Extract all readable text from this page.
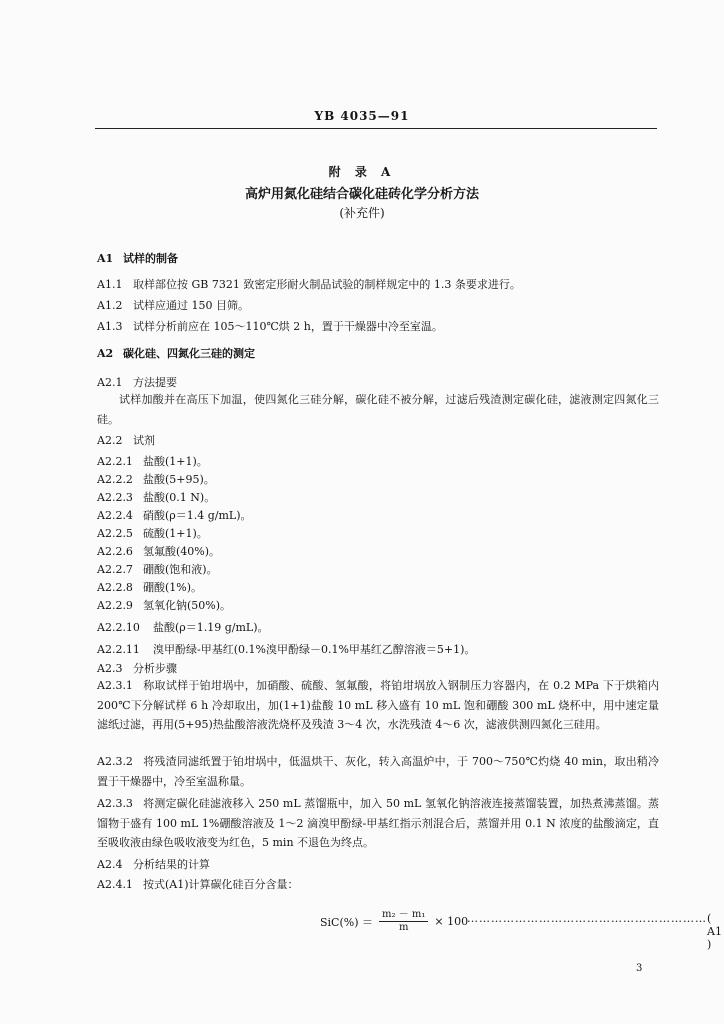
YB 4035—91
附 录 A
高炉用氮化硅结合碳化硅砖化学分析方法
(补充件)
A1 试样的制备
A1.1 取样部位按 GB 7321 致密定形耐火制品试验的制样规定中的 1.3 条要求进行。
A1.2 试样应通过 150 目筛。
A1.3 试样分析前应在 105～110℃烘 2 h，置于干燥器中冷至室温。
A2 碳化硅、四氮化三硅的测定
A2.1 方法提要
试样加酸并在高压下加温，使四氮化三硅分解，碳化硅不被分解，过滤后残渣测定碳化硅，滤液测定四氮化三硅。
A2.2 试剂
A2.2.1 盐酸(1+1)。
A2.2.2 盐酸(5+95)。
A2.2.3 盐酸(0.1 N)。
A2.2.4 硝酸(ρ＝1.4 g/mL)。
A2.2.5 硫酸(1+1)。
A2.2.6 氢氟酸(40%)。
A2.2.7 硼酸(饱和液)。
A2.2.8 硼酸(1%)。
A2.2.9 氢氧化钠(50%)。
A2.2.10 盐酸(ρ＝1.19 g/mL)。
A2.2.11 溴甲酚绿-甲基红(0.1%溴甲酚绿－0.1%甲基红乙醇溶液＝5+1)。
A2.3 分析步骤
A2.3.1 称取试样于铂坩埚中，加硝酸、硫酸、氢氟酸，将铂坩埚放入钢制压力容器内，在 0.2 MPa 下于烘箱内 200℃下分解试样 6 h 冷却取出，加(1+1)盐酸 10 mL 移入盛有 10 mL 饱和硼酸 300 mL 烧杯中，用中速定量滤纸过滤，再用(5+95)热盐酸溶液洗烧杯及残渣 3～4 次，水洗残渣 4～6 次，滤液供测四氮化三硅用。
A2.3.2 将残渣同滤纸置于铂坩埚中，低温烘干、灰化，转入高温炉中，于 700～750℃灼烧 40 min，取出稍冷置于干燥器中，冷至室温称量。
A2.3.3 将测定碳化硅滤液移入 250 mL 蒸馏瓶中，加入 50 mL 氢氧化钠溶液连接蒸馏装置，加热煮沸蒸馏。蒸馏物于盛有 100 mL 1%硼酸溶液及 1～2 滴溴甲酚绿-甲基红指示剂混合后，蒸馏并用 0.1 N 浓度的盐酸滴定，直至吸收液由绿色吸收液变为红色，5 min 不退色为终点。
A2.4 分析结果的计算
A2.4.1 按式(A1)计算碳化硅百分含量：
$SiC(\%) = \frac{\text{m₂ － m₁}}{m} \times 100$
…………………………………………………… ( A1 )
3
